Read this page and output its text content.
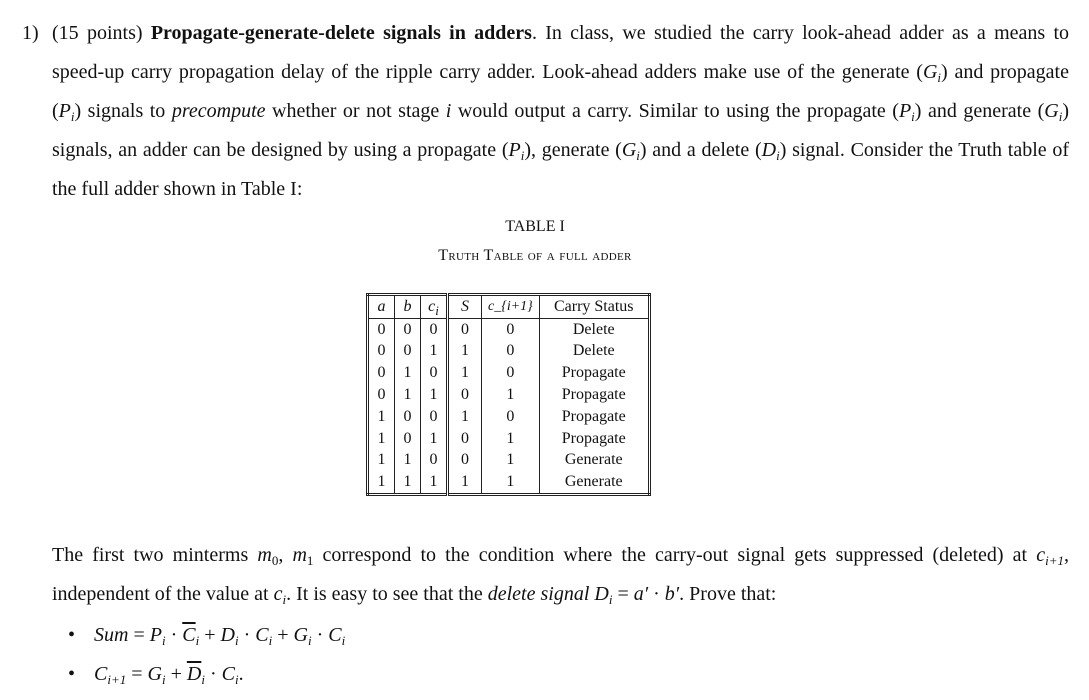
1) (15 points) Propagate-generate-delete signals in adders. In class, we studied the carry look-ahead adder as a means to speed-up carry propagation delay of the ripple carry adder. Look-ahead adders make use of the generate $(G_i)$ and propagate $(P_i)$ signals to precompute whether or not stage i would output a carry. Similar to using the propagate $(P_i)$ and generate $(G_i)$ signals, an adder can be designed by using a propagate $(P_i)$, generate $(G_i)$ and a delete $(D_i)$ signal. Consider the Truth table of the full adder shown in Table I:
TABLE I
Truth Table of a full adder
a	b	$c_i$	S	c_{i+1}	Carry Status
0	0	0	0	0	Delete
0	0	1	1	0	Delete
0	1	0	1	0	Propagate
0	1	1	0	1	Propagate
1	0	0	1	0	Propagate
1	0	1	0	1	Propagate
1	1	0	0	1	Generate
1	1	1	1	1	Generate
The first two minterms $m_0$, $m_1$ correspond to the condition where the carry-out signal gets suppressed (deleted) at $c_{i+1}$, independent of the value at $c_i$. It is easy to see that the delete signal $D_i = a' \cdot b'$. Prove that:
• Sum = $P_i \cdot \overline{C}_i + D_i \cdot C_i + G_i \cdot C_i$
• $C_{i+1} = G_i + \overline{D}_i \cdot C_i$.
